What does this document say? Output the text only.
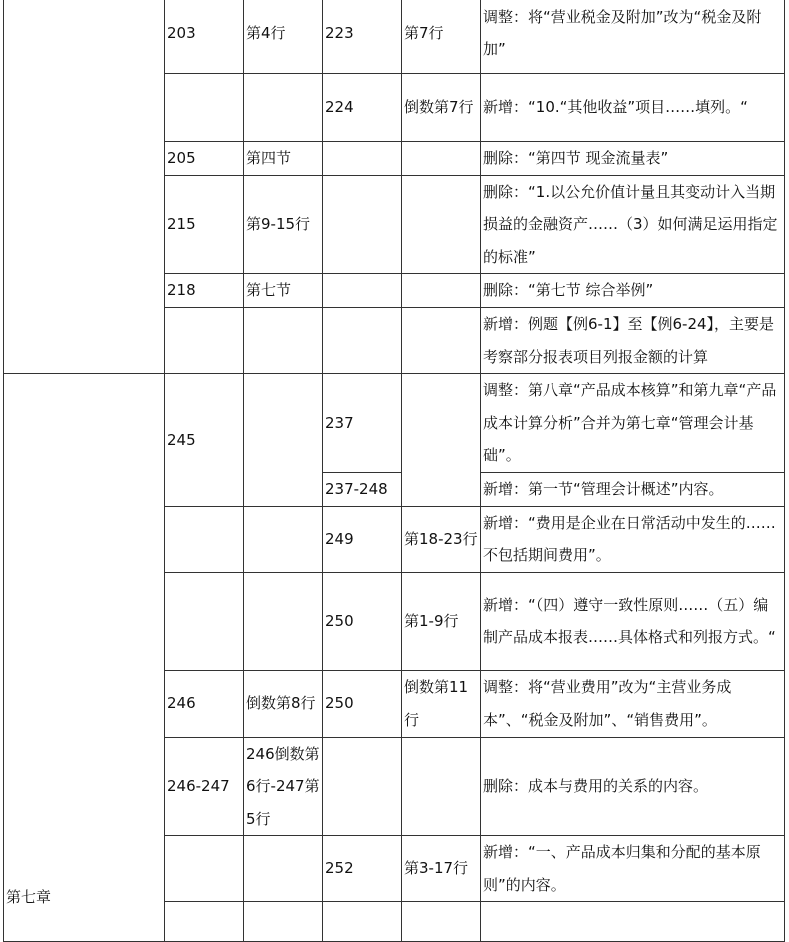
	203	第4行	223	第7行	调整：将“营业税金及附加”改为“税金及附加”
			224	倒数第7行	新增：“10.“其他收益”项目……填列。“
	205	第四节			删除：“第四节 现金流量表”
	215	第9-15行			删除：“1.以公允价值计量且其变动计入当期损益的金融资产……（3）如何满足运用指定的标准”
	218	第七节			删除：“第七节 综合举例”
					新增：例题【例6-1】至【例6-24】，主要是考察部分报表项目列报金额的计算
第七章	245		237		调整：第八章“产品成本核算”和第九章“产品成本计算分析”合并为第七章“管理会计基础”。
			237-248		新增：第一节“管理会计概述”内容。
			249	第18-23行	新增：“费用是企业在日常活动中发生的……不包括期间费用”。
			250	第1-9行	新增：“（四）遵守一致性原则……（五）编制产品成本报表……具体格式和列报方式。“
	246	倒数第8行	250	倒数第11行	调整：将“营业费用”改为“主营业务成本”、“税金及附加”、“销售费用”。
	246-247	246倒数第6行-247第5行			删除：成本与费用的关系的内容。
			252	第3-17行	新增：“一、产品成本归集和分配的基本原则”的内容。
